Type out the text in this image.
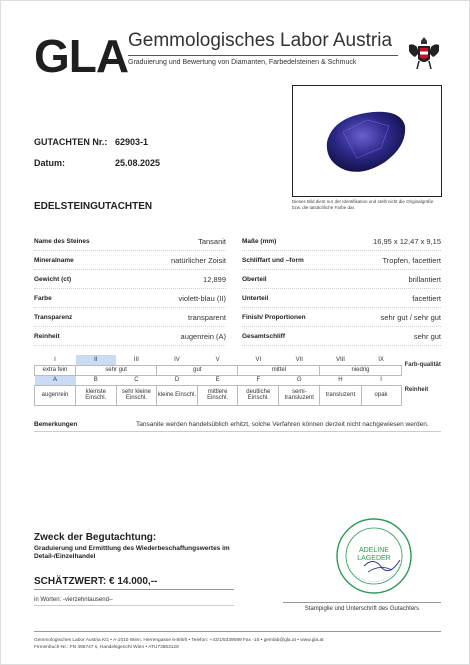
GLA Gemmologisches Labor Austria
Graduierung und Bewertung von Diamanten, Farbedelsteinen & Schmuck
Dieses Bild dient nur der Identifikation und stellt nicht die Originalgröße bzw. die tatsächliche Farbe dar.
GUTACHTEN Nr.: 62903-1
Datum:	25.08.2025
EDELSTEINGUTACHTEN
Name des Steines	Tansanit
Mineralname	natürlicher Zoisit
Gewicht (ct)	12,899
Farbe	violett-blau (II)
Transparenz	transparent
Reinheit	augenrein (A)
Maße (mm)	16,95 x 12,47 x 9,15
Schliffart und –form	Tropfen, facettiert
Oberteil	brillantiert
Unterteil	facettiert
Finish/ Proportionen	sehr gut / sehr gut
Gesamtschliff	sehr gut
I	II	III	IV	V	VI	VII	VIII	IX	Farb-qualität
extra fein	sehr gut		gut		mittel		niedrig		
A	B	C	D	E	F	G	H	I	Reinheit
augenrein	kleinste Einschl.	sehr kleine Einschl.	kleine Einschl.	mittlere Einschl.	deutliche Einschl.	semi-transluzent	transluzent	opak	
Bemerkungen	Tansanite werden handelsüblich erhitzt, solche Verfahren können derzeit nicht nachgewiesen werden.
Zweck der Begutachtung:
Graduierung und Ermittlung des Wiederbeschaffungswertes im Detail-/Einzelhandel
SCHÄTZWERT: € 14.000,--
in Worten: -vierzehntausend--
ADELINE
LAGEDER
Stampiglie und Unterschrift des Gutachters
Gemmologisches Labor Austria KG • A-1010 Wien, Herrengasse 6-8/6/6 • Telefon: +43/1/5339099 Fax -15 • gemlab@gla.at • www.gla.at
Firmenbuch-Nr.: FN 495747 s, Handelsgericht Wien • ATU73563128
